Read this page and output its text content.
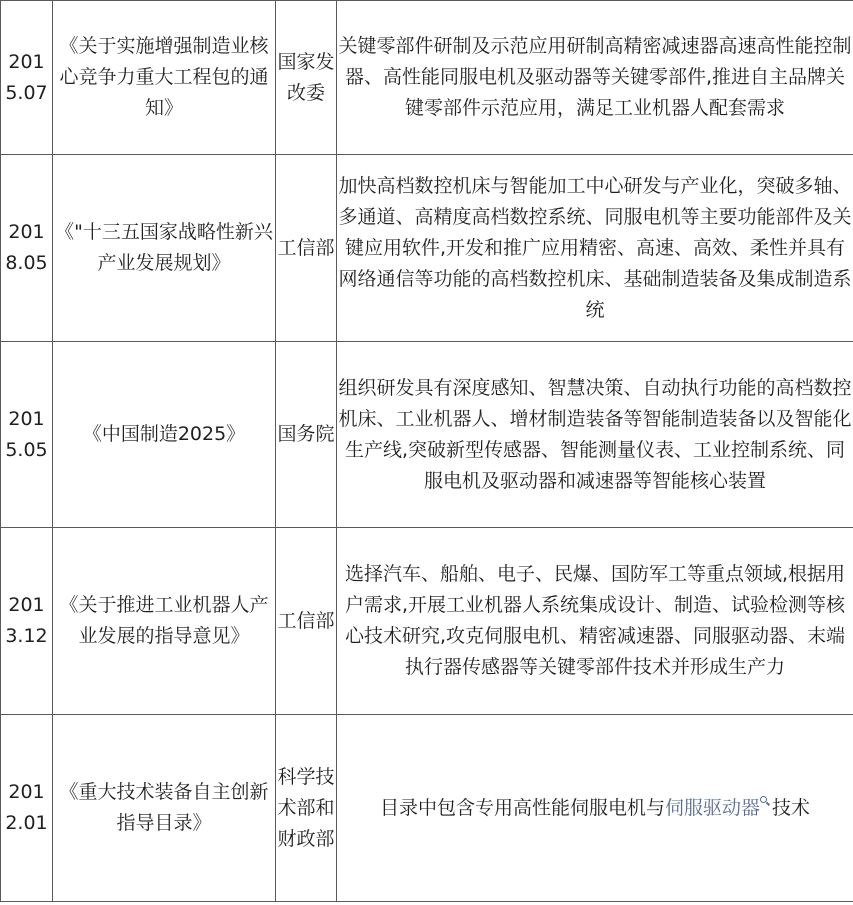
2015.07	《关于实施增强制造业核心竞争力重大工程包的通知》	国家发改委	关键零部件研制及示范应用研制高精密减速器高速高性能控制器、高性能同服电机及驱动器等关键零部件,推进自主品牌关键零部件示范应用，满足工业机器人配套需求
2018.05	《"十三五国家战略性新兴产业发展规划》	工信部	加快高档数控机床与智能加工中心研发与产业化，突破多轴、多通道、高精度高档数控系统、同服电机等主要功能部件及关键应用软件,开发和推广应用精密、高速、高效、柔性并具有网络通信等功能的高档数控机床、基础制造装备及集成制造系统
2015.05	《中国制造2025》	国务院	组织研发具有深度感知、智慧决策、自动执行功能的高档数控机床、工业机器人、增材制造装备等智能制造装备以及智能化生产线,突破新型传感器、智能测量仪表、工业控制系统、同服电机及驱动器和减速器等智能核心装置
2013.12	《关于推进工业机器人产业发展的指导意见》	工信部	选择汽车、船舶、电子、民爆、国防军工等重点领域,根据用户需求,开展工业机器人系统集成设计、制造、试验检测等核心技术研究,攻克伺服电机、精密减速器、同服驱动器、末端执行器传感器等关键零部件技术并形成生产力
2012.01	《重大技术装备自主创新指导目录》	科学技术部和财政部	目录中包含专用高性能伺服电机与伺服驱动器 技术
